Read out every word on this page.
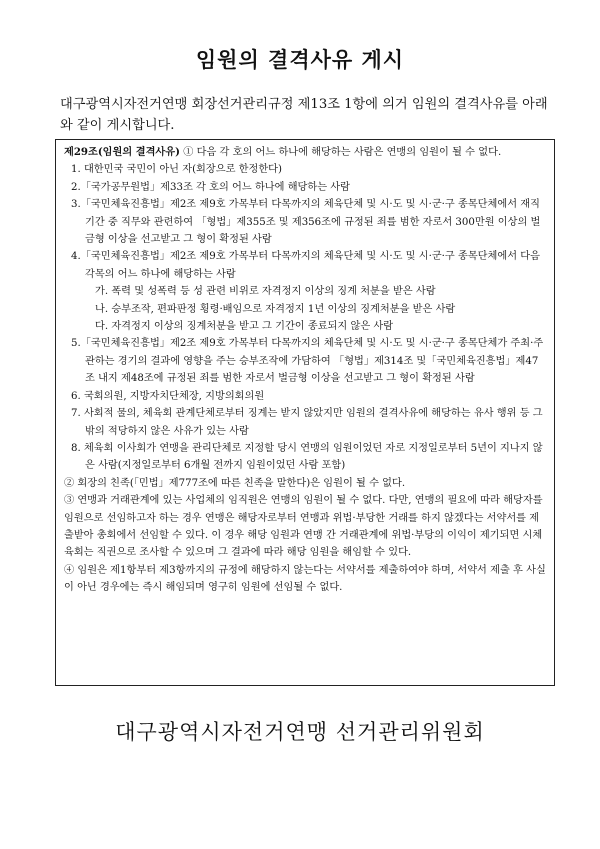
임원의 결격사유 게시
대구광역시자전거연맹 회장선거관리규정 제13조 1항에 의거 임원의 결격사유를 아래와 같이 게시합니다.

제29조(임원의 결격사유) ① 다음 각 호의 어느 하나에 해당하는 사람은 연맹의 임원이 될 수 없다.

1. 대한민국 국민이 아닌 자(회장으로 한정한다)

2.「국가공무원법」제33조 각 호의 어느 하나에 해당하는 사람

3.「국민체육진흥법」제2조 제9호 가목부터 다목까지의 체육단체 및 시·도 및 시·군·구 종목단체에서 재직기간 중 직무와 관련하여 「형법」제355조 및 제356조에 규정된 죄를 범한 자로서 300만원 이상의 벌금형 이상을 선고받고 그 형이 확정된 사람

4.「국민체육진흥법」제2조 제9호 가목부터 다목까지의 체육단체 및 시·도 및 시·군·구 종목단체에서 다음 각목의 어느 하나에 해당하는 사람

가. 폭력 및 성폭력 등 성 관련 비위로 자격정지 이상의 징계 처분을 받은 사람

나. 승부조작, 편파판정 횡령·배임으로 자격정지 1년 이상의 징계처분을 받은 사람

다. 자격정지 이상의 징계처분을 받고 그 기간이 종료되지 않은 사람

5.「국민체육진흥법」제2조 제9호 가목부터 다목까지의 체육단체 및 시·도 및 시·군·구 종목단체가 주최·주관하는 경기의 결과에 영향을 주는 승부조작에 가담하여 「형법」제314조 및「국민체육진흥법」제47조 내지 제48조에 규정된 죄를 범한 자로서 벌금형 이상을 선고받고 그 형이 확정된 사람

6. 국회의원, 지방자치단체장, 지방의회의원

7. 사회적 물의, 체육회 관계단체로부터 징계는 받지 않았지만 임원의 결격사유에 해당하는 유사 행위 등 그 밖의 적당하지 않은 사유가 있는 사람

8. 체육회 이사회가 연맹을 관리단체로 지정할 당시 연맹의 임원이었던 자로 지정일로부터 5년이 지나지 않은 사람(지정일로부터 6개월 전까지 임원이었던 사람 포함)

② 회장의 친족(「민법」제777조에 따른 친족을 말한다)은 임원이 될 수 없다.

③ 연맹과 거래관계에 있는 사업체의 임직원은 연맹의 임원이 될 수 없다. 다만, 연맹의 필요에 따라 해당자를 임원으로 선임하고자 하는 경우 연맹은 해당자로부터 연맹과 위법·부당한 거래를 하지 않겠다는 서약서를 제출받아 총회에서 선임할 수 있다. 이 경우 해당 임원과 연맹 간 거래관계에 위법·부당의 이익이 제기되면 시체육회는 직권으로 조사할 수 있으며 그 결과에 따라 해당 임원을 해임할 수 있다.

④ 임원은 제1항부터 제3항까지의 규정에 해당하지 않는다는 서약서를 제출하여야 하며, 서약서 제출 후 사실이 아닌 경우에는 즉시 해임되며 영구히 임원에 선임될 수 없다.

대구광역시자전거연맹 선거관리위원회
